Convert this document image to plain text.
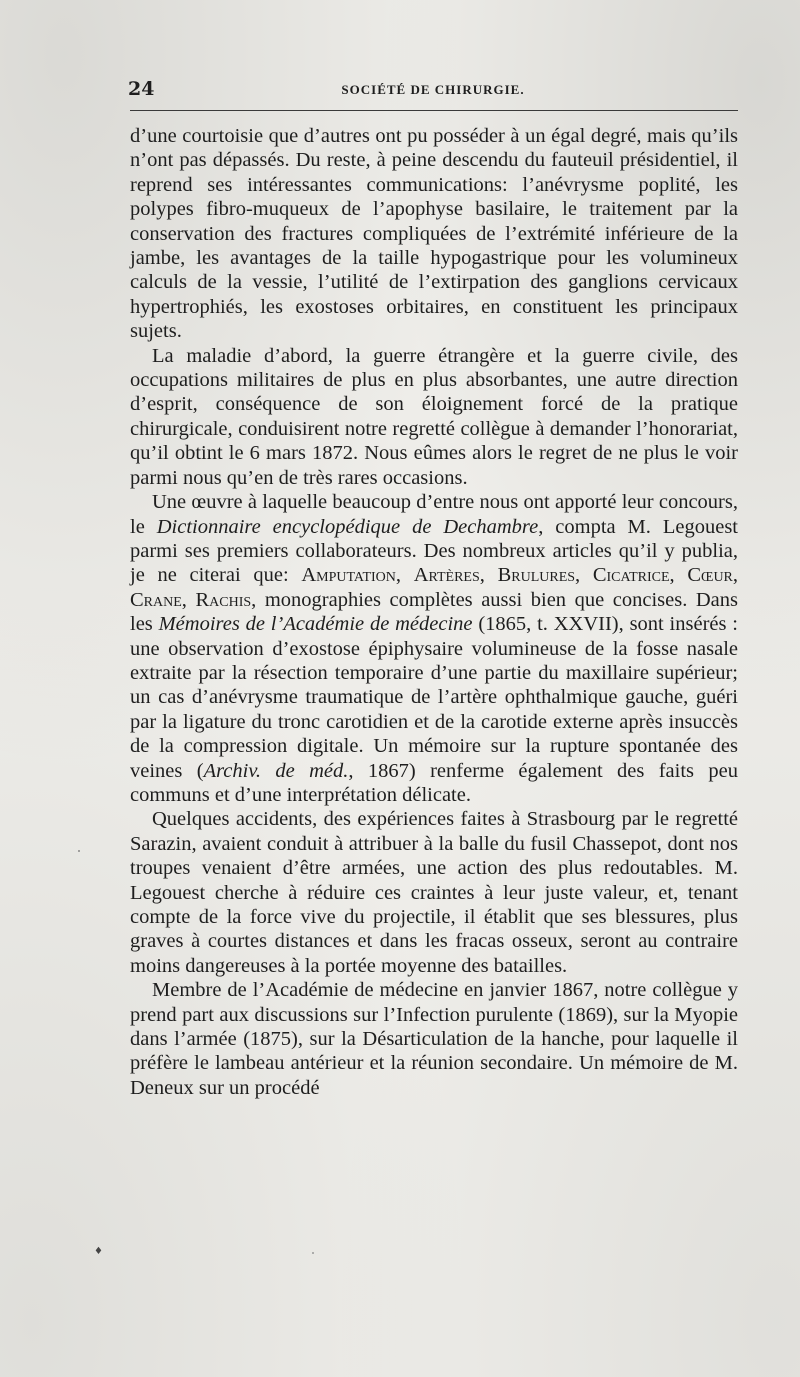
24	SOCIÉTÉ DE CHIRURGIE.

d’une courtoisie que d’autres ont pu posséder à un égal degré, mais qu’ils n’ont pas dépassés. Du reste, à peine descendu du fauteuil présidentiel, il reprend ses intéressantes communications: l’anévrysme poplité, les polypes fibro-muqueux de l’apophyse basilaire, le traitement par la conservation des fractures compliquées de l’extrémité inférieure de la jambe, les avantages de la taille hypogastrique pour les volumineux calculs de la vessie, l’utilité de l’extirpation des ganglions cervicaux hypertrophiés, les exostoses orbitaires, en constituent les principaux sujets.

La maladie d’abord, la guerre étrangère et la guerre civile, des occupations militaires de plus en plus absorbantes, une autre direction d’esprit, conséquence de son éloignement forcé de la pratique chirurgicale, conduisirent notre regretté collègue à demander l’honorariat, qu’il obtint le 6 mars 1872. Nous eûmes alors le regret de ne plus le voir parmi nous qu’en de très rares occasions.

Une œuvre à laquelle beaucoup d’entre nous ont apporté leur concours, le Dictionnaire encyclopédique de Dechambre, compta M. Legouest parmi ses premiers collaborateurs. Des nombreux articles qu’il y publia, je ne citerai que: Amputation, Artères, Brulures, Cicatrice, Cœur, Crane, Rachis, monographies complètes aussi bien que concises. Dans les Mémoires de l’Académie de médecine (1865, t. XXVII), sont insérés : une observation d’exostose épiphysaire volumineuse de la fosse nasale extraite par la résection temporaire d’une partie du maxillaire supérieur; un cas d’anévrysme traumatique de l’artère ophthalmique gauche, guéri par la ligature du tronc carotidien et de la carotide externe après insuccès de la compression digitale. Un mémoire sur la rupture spontanée des veines (Archiv. de méd., 1867) renferme également des faits peu communs et d’une interprétation délicate.

Quelques accidents, des expériences faites à Strasbourg par le regretté Sarazin, avaient conduit à attribuer à la balle du fusil Chassepot, dont nos troupes venaient d’être armées, une action des plus redoutables. M. Legouest cherche à réduire ces craintes à leur juste valeur, et, tenant compte de la force vive du projectile, il établit que ses blessures, plus graves à courtes distances et dans les fracas osseux, seront au contraire moins dangereuses à la portée moyenne des batailles.

Membre de l’Académie de médecine en janvier 1867, notre collègue y prend part aux discussions sur l’Infection purulente (1869), sur la Myopie dans l’armée (1875), sur la Désarticulation de la hanche, pour laquelle il préfère le lambeau antérieur et la réunion secondaire. Un mémoire de M. Deneux sur un procédé

♦
